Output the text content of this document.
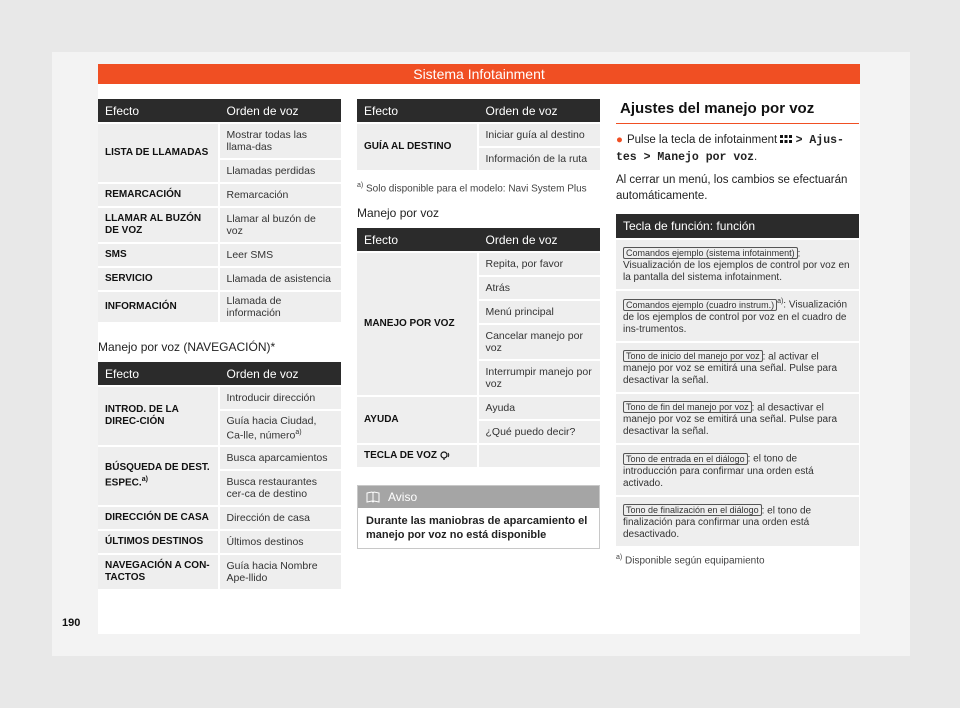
Sistema Infotainment
Efecto	Orden de voz
LISTA DE LLAMADAS	Mostrar todas las llama-das
	Llamadas perdidas
REMARCACIÓN	Remarcación
LLAMAR AL BUZÓN DE VOZ	Llamar al buzón de voz
SMS	Leer SMS
SERVICIO	Llamada de asistencia
INFORMACIÓN	Llamada de información
Manejo por voz (NAVEGACIÓN)*
Efecto	Orden de voz
INTROD. DE LA DIREC-CIÓN	Introducir dirección
	Guía hacia Ciudad, Ca-lle, número$^{a)}$
BÚSQUEDA DE DEST. ESPEC.$^{a)}$	Busca aparcamientos
	Busca restaurantes cer-ca de destino
DIRECCIÓN DE CASA	Dirección de casa
ÚLTIMOS DESTINOS	Últimos destinos
NAVEGACIÓN A CON-TACTOS	Guía hacia Nombre Ape-llido
Efecto	Orden de voz
GUÍA AL DESTINO	Iniciar guía al destino
	Información de la ruta
$^{a)}$ Solo disponible para el modelo: Navi System Plus
Manejo por voz
Efecto	Orden de voz
MANEJO POR VOZ	Repita, por favor
	Atrás
	Menú principal
	Cancelar manejo por voz
	Interrumpir manejo por voz
AYUDA	Ayuda
	¿Qué puedo decir?
TECLA DE VOZ	
Aviso
Durante las maniobras de aparcamiento el manejo por voz no está disponible
Ajustes del manejo por voz
● Pulse la tecla de infotainment > Ajus-tes > Manejo por voz.
Al cerrar un menú, los cambios se efectuarán automáticamente.
Tecla de función: función
Comandos ejemplo (sistema infotainment) : Visualización de los ejemplos de control por voz en la pantalla del sistema infotainment.
Comandos ejemplo (cuadro instrum.) $^{a)}$: Visualización de los ejemplos de control por voz en el cuadro de ins-trumentos.
Tono de inicio del manejo por voz : al activar el manejo por voz se emitirá una señal. Pulse para desactivar la señal.
Tono de fin del manejo por voz : al desactivar el manejo por voz se emitirá una señal. Pulse para desactivar la señal.
Tono de entrada en el diálogo : el tono de introducción para confirmar una orden está activado.
Tono de finalización en el diálogo : el tono de finalización para confirmar una orden está desactivado.
$^{a)}$ Disponible según equipamiento
190
